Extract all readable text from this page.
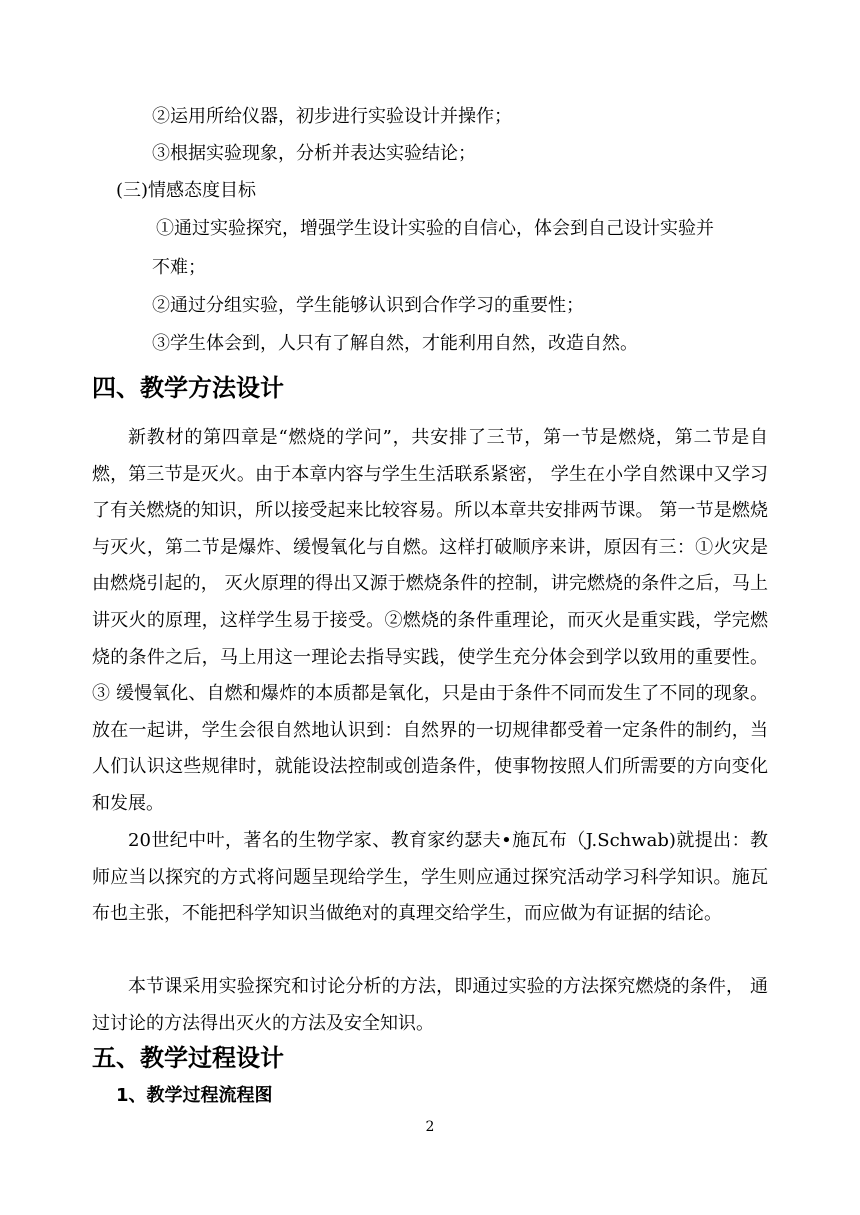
②运用所给仪器，初步进行实验设计并操作；
③根据实验现象，分析并表达实验结论；
(三)情感态度目标
①通过实验探究，增强学生设计实验的自信心，体会到自己设计实验并
不难；
②通过分组实验，学生能够认识到合作学习的重要性；
③学生体会到，人只有了解自然，才能利用自然，改造自然。
四、教学方法设计
新教材的第四章是“燃烧的学问”，共安排了三节，第一节是燃烧，第二节是自燃，第三节是灭火。由于本章内容与学生生活联系紧密， 学生在小学自然课中又学习了有关燃烧的知识，所以接受起来比较容易。所以本章共安排两节课。 第一节是燃烧与灭火，第二节是爆炸、缓慢氧化与自燃。这样打破顺序来讲，原因有三：①火灾是由燃烧引起的， 灭火原理的得出又源于燃烧条件的控制，讲完燃烧的条件之后，马上讲灭火的原理，这样学生易于接受。②燃烧的条件重理论，而灭火是重实践，学完燃烧的条件之后，马上用这一理论去指导实践，使学生充分体会到学以致用的重要性。③ 缓慢氧化、自燃和爆炸的本质都是氧化，只是由于条件不同而发生了不同的现象。放在一起讲，学生会很自然地认识到：自然界的一切规律都受着一定条件的制约，当人们认识这些规律时，就能设法控制或创造条件，使事物按照人们所需要的方向变化和发展。
20世纪中叶，著名的生物学家、教育家约瑟夫•施瓦布（J.Schwab)就提出：教师应当以探究的方式将问题呈现给学生，学生则应通过探究活动学习科学知识。施瓦布也主张，不能把科学知识当做绝对的真理交给学生，而应做为有证据的结论。
本节课采用实验探究和讨论分析的方法，即通过实验的方法探究燃烧的条件， 通过讨论的方法得出灭火的方法及安全知识。
五、教学过程设计
1、教学过程流程图
2
